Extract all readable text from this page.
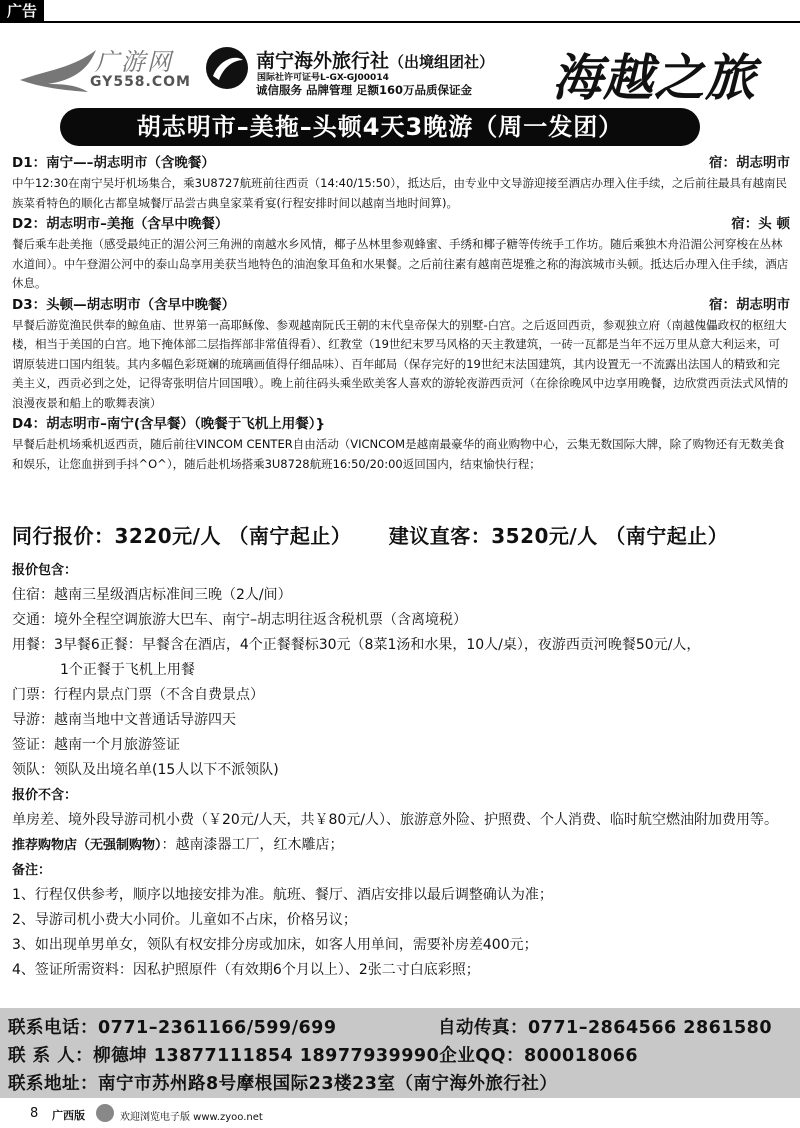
广告
广游网
GY558.COM
南宁海外旅行社（出境组团社）
国际社许可证号L-GX-GJ00014
诚信服务 品牌管理 足额160万品质保证金 海越之旅
胡志明市–美拖–头顿4天3晚游（周一发团）
D1：南宁—–胡志明市（含晚餐）	宿：胡志明市

中午12:30在南宁吴圩机场集合，乘3U8727航班前往西贡（14:40/15:50），抵达后，由专业中文导游迎接至酒店办理入住手续，之后前往最具有越南民族菜肴特色的顺化古都皇城餐厅品尝古典皇家菜肴宴(行程安排时间以越南当地时间算)。

D2：胡志明市–美拖（含早中晚餐）	宿：头 顿

餐后乘车赴美拖（感受最纯正的湄公河三角洲的南越水乡风情，椰子丛林里参观蜂蜜、手绣和椰子糖等传统手工作坊。随后乘独木舟沿湄公河穿梭在丛林水道间）。中午登湄公河中的泰山岛享用美获当地特色的油泡象耳鱼和水果餐。之后前往素有越南芭堤雅之称的海滨城市头顿。抵达后办理入住手续，酒店休息。

D3：头顿—胡志明市（含早中晚餐）	宿：胡志明市

早餐后游览渔民供奉的鲸鱼庙、世界第一高耶稣像、参观越南阮氏王朝的末代皇帝保大的别墅-白宫。之后返回西贡，参观独立府（南越傀儡政权的枢纽大楼，相当于美国的白宫。地下掩体部二层指挥部非常值得看）、红教堂（19世纪末罗马风格的天主教建筑，一砖一瓦都是当年不远万里从意大利运来，可谓原装进口国内组装。其内多幅色彩斑斓的琉璃画值得仔细品味）、百年邮局（保存完好的19世纪末法国建筑，其内设置无一不流露出法国人的精致和完美主义，西贡必到之处，记得寄张明信片回国哦）。晚上前往码头乘坐欧美客人喜欢的游轮夜游西贡河（在徐徐晚风中边享用晚餐，边欣赏西贡法式风情的浪漫夜景和船上的歌舞表演）

D4：胡志明市–南宁(含早餐）（晚餐于飞机上用餐）}

早餐后赴机场乘机返西贡，随后前往VINCOM CENTER自由活动（VICNCOM是越南最豪华的商业购物中心，云集无数国际大牌，除了购物还有无数美食和娱乐，让您血拼到手抖^O^），随后赴机场搭乘3U8728航班16:50/20:00返回国内，结束愉快行程；

同行报价：3220元/人 （南宁起止） 建议直客：3520元/人 （南宁起止）

报价包含：

住宿：越南三星级酒店标准间三晚（2人/间）

交通：境外全程空调旅游大巴车、南宁–胡志明往返含税机票（含离境税）

用餐：3早餐6正餐：早餐含在酒店，4个正餐餐标30元（8菜1汤和水果，10人/桌），夜游西贡河晚餐50元/人，

1个正餐于飞机上用餐

门票：行程内景点门票（不含自费景点）

导游：越南当地中文普通话导游四天

签证：越南一个月旅游签证

领队：领队及出境名单(15人以下不派领队)

报价不含：

单房差、境外段导游司机小费（￥20元/人天，共￥80元/人）、旅游意外险、护照费、个人消费、临时航空燃油附加费用等。

推荐购物店（无强制购物）：越南漆器工厂，红木雕店；

备注：

1、行程仅供参考，顺序以地接安排为准。航班、餐厅、酒店安排以最后调整确认为准；

2、导游司机小费大小同价。儿童如不占床，价格另议；

3、如出现单男单女，领队有权安排分房或加床，如客人用单间，需要补房差400元；

4、签证所需资料：因私护照原件（有效期6个月以上）、2张二寸白底彩照；

联系电话：0771–2361166/599/699	自动传真：0771–2864566 2861580
联 系 人：柳德坤 13877111854 18977939990企业QQ：800018066
联系地址：南宁市苏州路8号摩根国际23楼23室（南宁海外旅行社）
8 广西版	欢迎浏览电子版 www.zyoo.net
